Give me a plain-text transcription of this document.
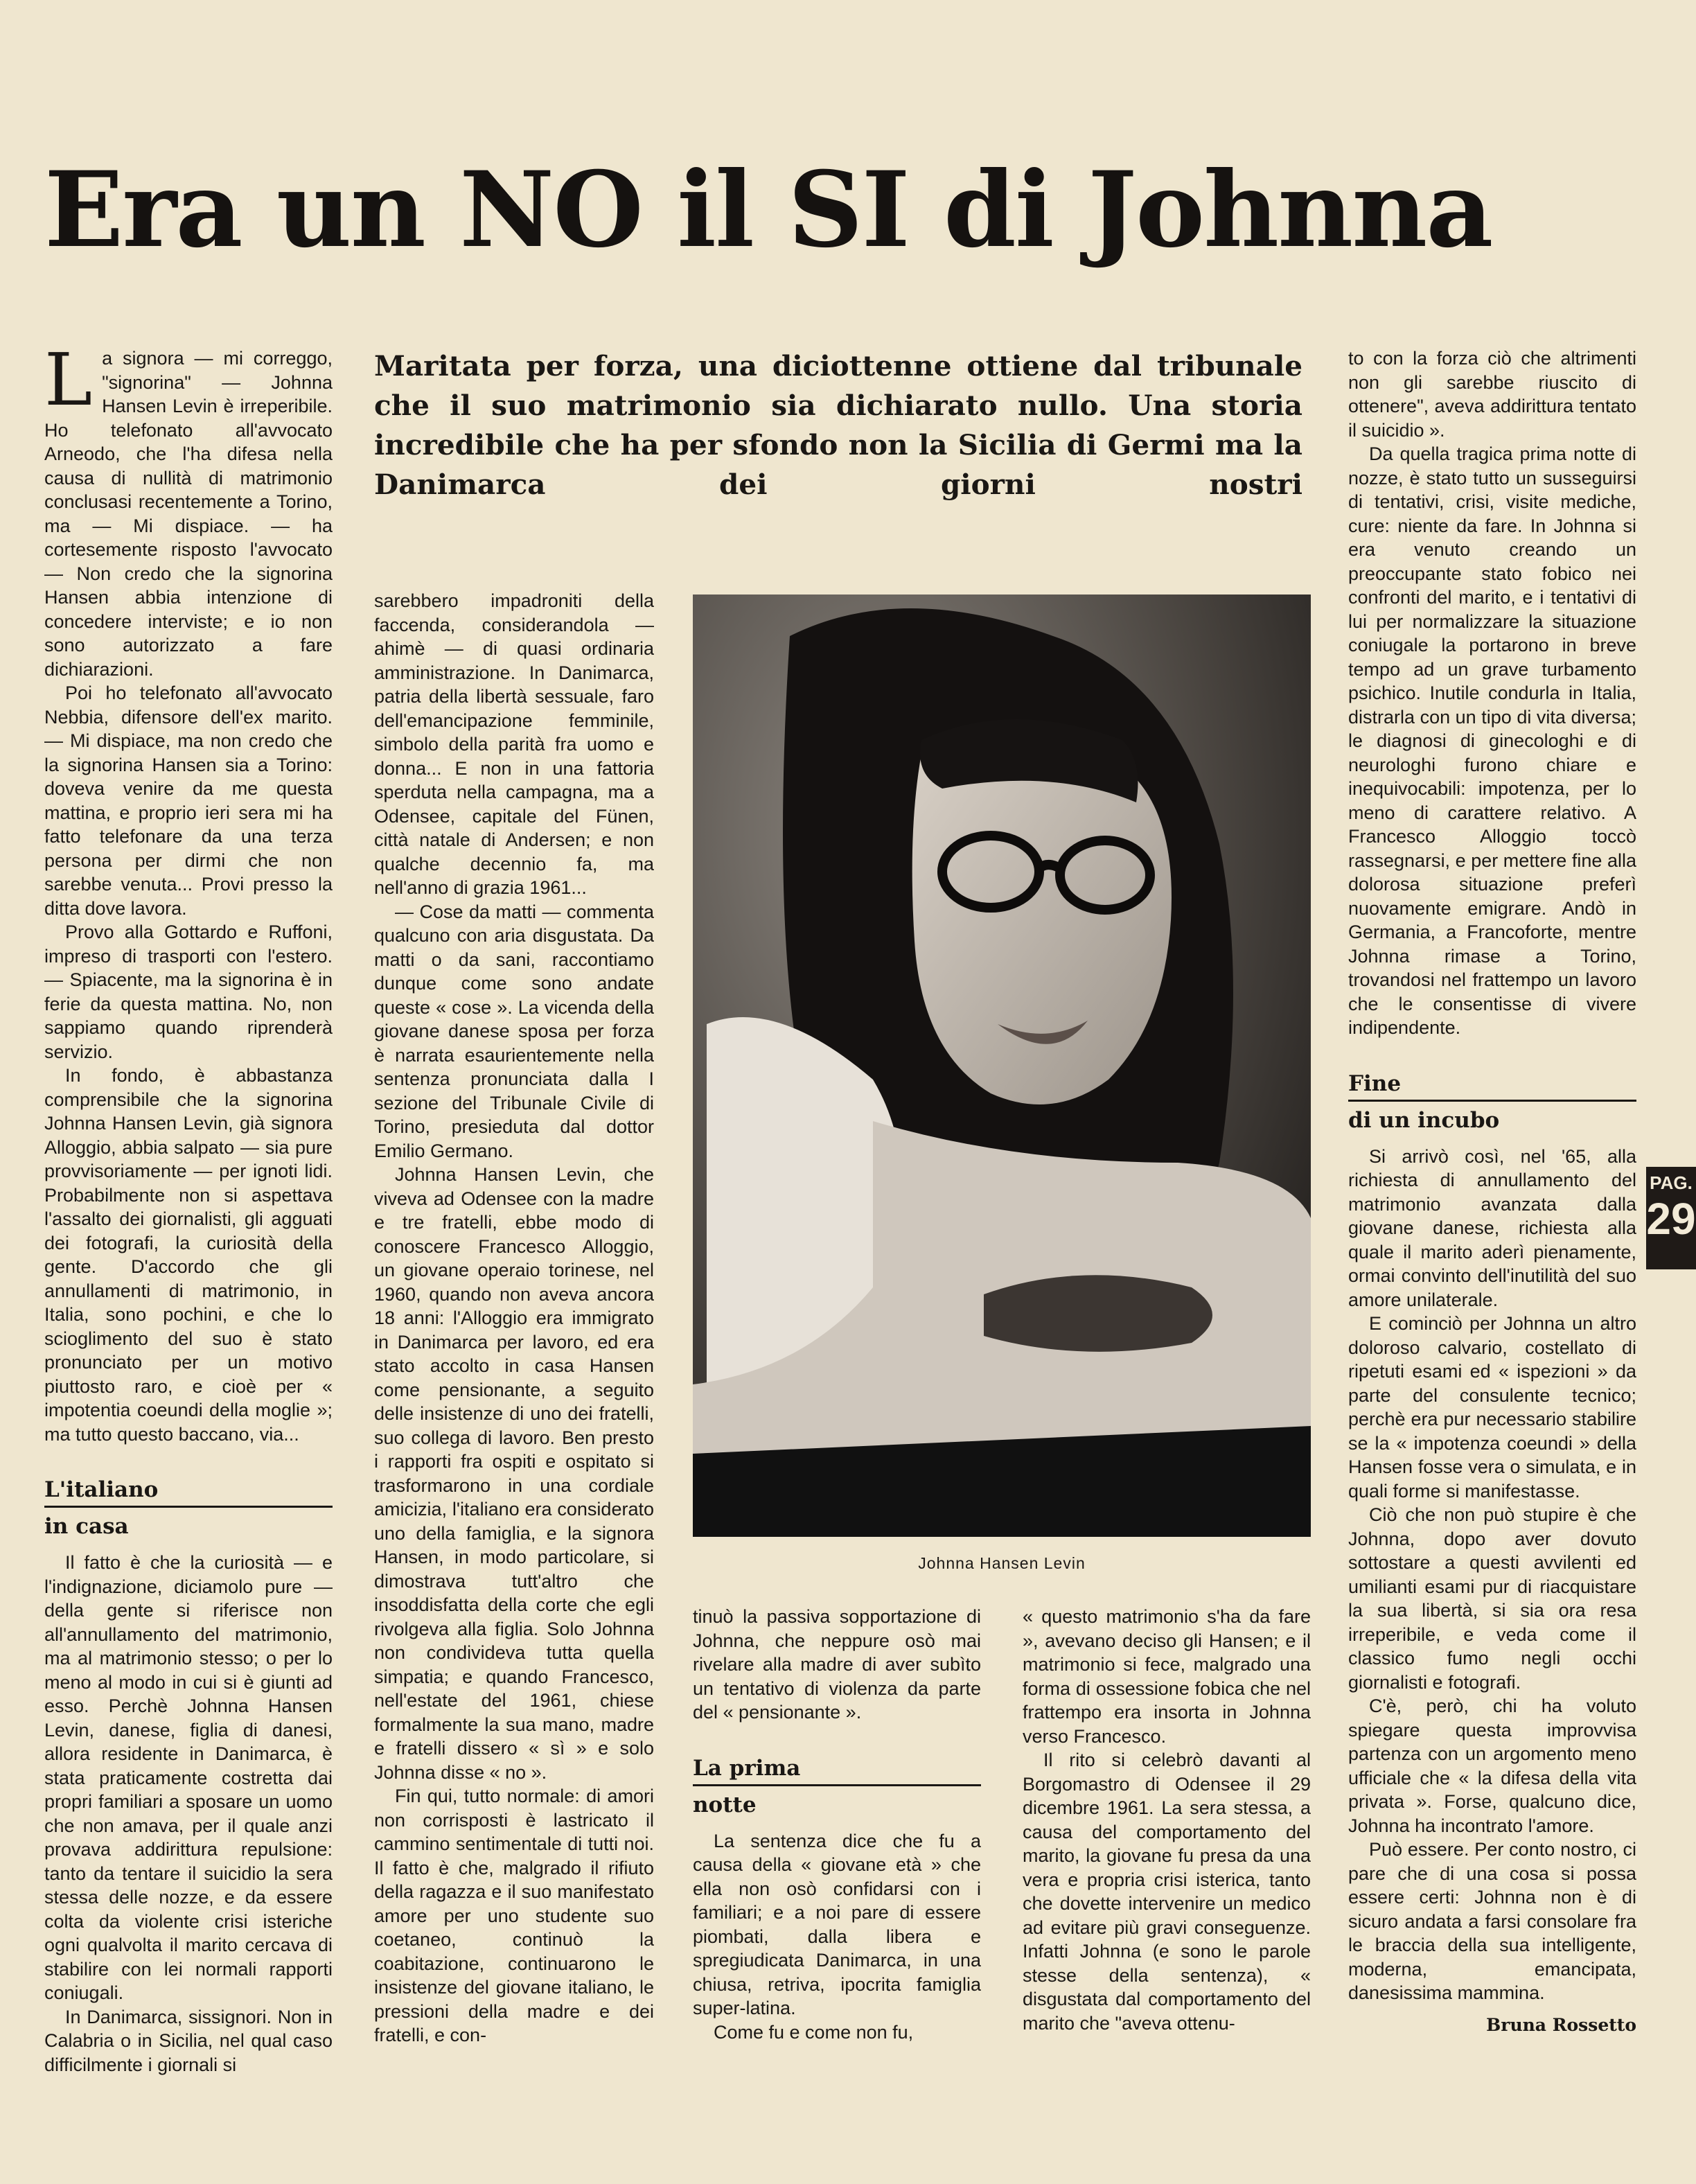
Era un NO il SI di Johnna

La signora — mi correggo, "signorina" — Johnna Hansen Levin è irreperibile. Ho telefonato all'avvocato Arneodo, che l'ha difesa nella causa di nullità di matrimonio conclusasi recentemente a Torino, ma — Mi dispiace. — ha cortesemente risposto l'avvocato — Non credo che la signorina Hansen abbia intenzione di concedere interviste; e io non sono autorizzato a fare dichiarazioni.

Poi ho telefonato all'avvocato Nebbia, difensore dell'ex marito. — Mi dispiace, ma non credo che la signorina Hansen sia a Torino: doveva venire da me questa mattina, e proprio ieri sera mi ha fatto telefonare da una terza persona per dirmi che non sarebbe venuta... Provi presso la ditta dove lavora.

Provo alla Gottardo e Ruffoni, impreso di trasporti con l'estero. — Spiacente, ma la signorina è in ferie da questa mattina. No, non sappiamo quando riprenderà servizio.

In fondo, è abbastanza comprensibile che la signorina Johnna Hansen Levin, già signora Alloggio, abbia salpato — sia pure provvisoriamente — per ignoti lidi. Probabilmente non si aspettava l'assalto dei giornalisti, gli agguati dei fotografi, la curiosità della gente. D'accordo che gli annullamenti di matrimonio, in Italia, sono pochini, e che lo scioglimento del suo è stato pronunciato per un motivo piuttosto raro, e cioè per « impotentia coeundi della moglie »; ma tutto questo baccano, via...

L'italiano
in casa

Il fatto è che la curiosità — e l'indignazione, diciamolo pure — della gente si riferisce non all'annullamento del matrimonio, ma al matrimonio stesso; o per lo meno al modo in cui si è giunti ad esso. Perchè Johnna Hansen Levin, danese, figlia di danesi, allora residente in Danimarca, è stata praticamente costretta dai propri familiari a sposare un uomo che non amava, per il quale anzi provava addirittura repulsione: tanto da tentare il suicidio la sera stessa delle nozze, e da essere colta da violente crisi isteriche ogni qualvolta il marito cercava di stabilire con lei normali rapporti coniugali.

In Danimarca, sissignori. Non in Calabria o in Sicilia, nel qual caso difficilmente i giornali si

Maritata per forza, una diciottenne ottiene dal tribunale che il suo matrimonio sia dichiarato nullo. Una storia incredibile che ha per sfondo non la Sicilia di Germi ma la Danimarca dei giorni nostri

sarebbero impadroniti della faccenda, considerandola — ahimè — di quasi ordinaria amministrazione. In Danimarca, patria della libertà sessuale, faro dell'emancipazione femminile, simbolo della parità fra uomo e donna... E non in una fattoria sperduta nella campagna, ma a Odensee, capitale del Fünen, città natale di Andersen; e non qualche decennio fa, ma nell'anno di grazia 1961...

— Cose da matti — commenta qualcuno con aria disgustata. Da matti o da sani, raccontiamo dunque come sono andate queste « cose ». La vicenda della giovane danese sposa per forza è narrata esaurientemente nella sentenza pronunciata dalla I sezione del Tribunale Civile di Torino, presieduta dal dottor Emilio Germano.

Johnna Hansen Levin, che viveva ad Odensee con la madre e tre fratelli, ebbe modo di conoscere Francesco Alloggio, un giovane operaio torinese, nel 1960, quando non aveva ancora 18 anni: l'Alloggio era immigrato in Danimarca per lavoro, ed era stato accolto in casa Hansen come pensionante, a seguito delle insistenze di uno dei fratelli, suo collega di lavoro. Ben presto i rapporti fra ospiti e ospitato si trasformarono in una cordiale amicizia, l'italiano era considerato uno della famiglia, e la signora Hansen, in modo particolare, si dimostrava tutt'altro che insoddisfatta della corte che egli rivolgeva alla figlia. Solo Johnna non condivideva tutta quella simpatia; e quando Francesco, nell'estate del 1961, chiese formalmente la sua mano, madre e fratelli dissero « sì » e solo Johnna disse « no ».

Fin qui, tutto normale: di amori non corrisposti è lastricato il cammino sentimentale di tutti noi. Il fatto è che, malgrado il rifiuto della ragazza e il suo manifestato amore per uno studente suo coetaneo, continuò la coabitazione, continuarono le insistenze del giovane italiano, le pressioni della madre e dei fratelli, e con-

Johnna Hansen Levin

tinuò la passiva sopportazione di Johnna, che neppure osò mai rivelare alla madre di aver subìto un tentativo di violenza da parte del « pensionante ».

La prima
notte

La sentenza dice che fu a causa della « giovane età » che ella non osò confidarsi con i familiari; e a noi pare di essere piombati, dalla libera e spregiudicata Danimarca, in una chiusa, retriva, ipocrita famiglia super-latina.

Come fu e come non fu,

« questo matrimonio s'ha da fare », avevano deciso gli Hansen; e il matrimonio si fece, malgrado una forma di ossessione fobica che nel frattempo era insorta in Johnna verso Francesco.

Il rito si celebrò davanti al Borgomastro di Odensee il 29 dicembre 1961. La sera stessa, a causa del comportamento del marito, la giovane fu presa da una vera e propria crisi isterica, tanto che dovette intervenire un medico ad evitare più gravi conseguenze. Infatti Johnna (e sono le parole stesse della sentenza), « disgustata dal comportamento del marito che "aveva ottenu-

to con la forza ciò che altrimenti non gli sarebbe riuscito di ottenere", aveva addirittura tentato il suicidio ».

Da quella tragica prima notte di nozze, è stato tutto un susseguirsi di tentativi, crisi, visite mediche, cure: niente da fare. In Johnna si era venuto creando un preoccupante stato fobico nei confronti del marito, e i tentativi di lui per normalizzare la situazione coniugale la portarono in breve tempo ad un grave turbamento psichico. Inutile condurla in Italia, distrarla con un tipo di vita diversa; le diagnosi di ginecologhi e di neurologhi furono chiare e inequivocabili: impotenza, per lo meno di carattere relativo. A Francesco Alloggio toccò rassegnarsi, e per mettere fine alla dolorosa situazione preferì nuovamente emigrare. Andò in Germania, a Francoforte, mentre Johnna rimase a Torino, trovandosi nel frattempo un lavoro che le consentisse di vivere indipendente.

Fine
di un incubo

Si arrivò così, nel '65, alla richiesta di annullamento del matrimonio avanzata dalla giovane danese, richiesta alla quale il marito aderì pienamente, ormai convinto dell'inutilità del suo amore unilaterale.

E cominciò per Johnna un altro doloroso calvario, costellato di ripetuti esami ed « ispezioni » da parte del consulente tecnico; perchè era pur necessario stabilire se la « impotenza coeundi » della Hansen fosse vera o simulata, e in quali forme si manifestasse.

Ciò che non può stupire è che Johnna, dopo aver dovuto sottostare a questi avvilenti ed umilianti esami pur di riacquistare la sua libertà, si sia ora resa irreperibile, e veda come il classico fumo negli occhi giornalisti e fotografi.

C'è, però, chi ha voluto spiegare questa improvvisa partenza con un argomento meno ufficiale che « la difesa della vita privata ». Forse, qualcuno dice, Johnna ha incontrato l'amore.

Può essere. Per conto nostro, ci pare che di una cosa si possa essere certi: Johnna non è di sicuro andata a farsi consolare fra le braccia della sua intelligente, moderna, emancipata, danesissima mammina.

Bruna Rossetto
PAG.
29
